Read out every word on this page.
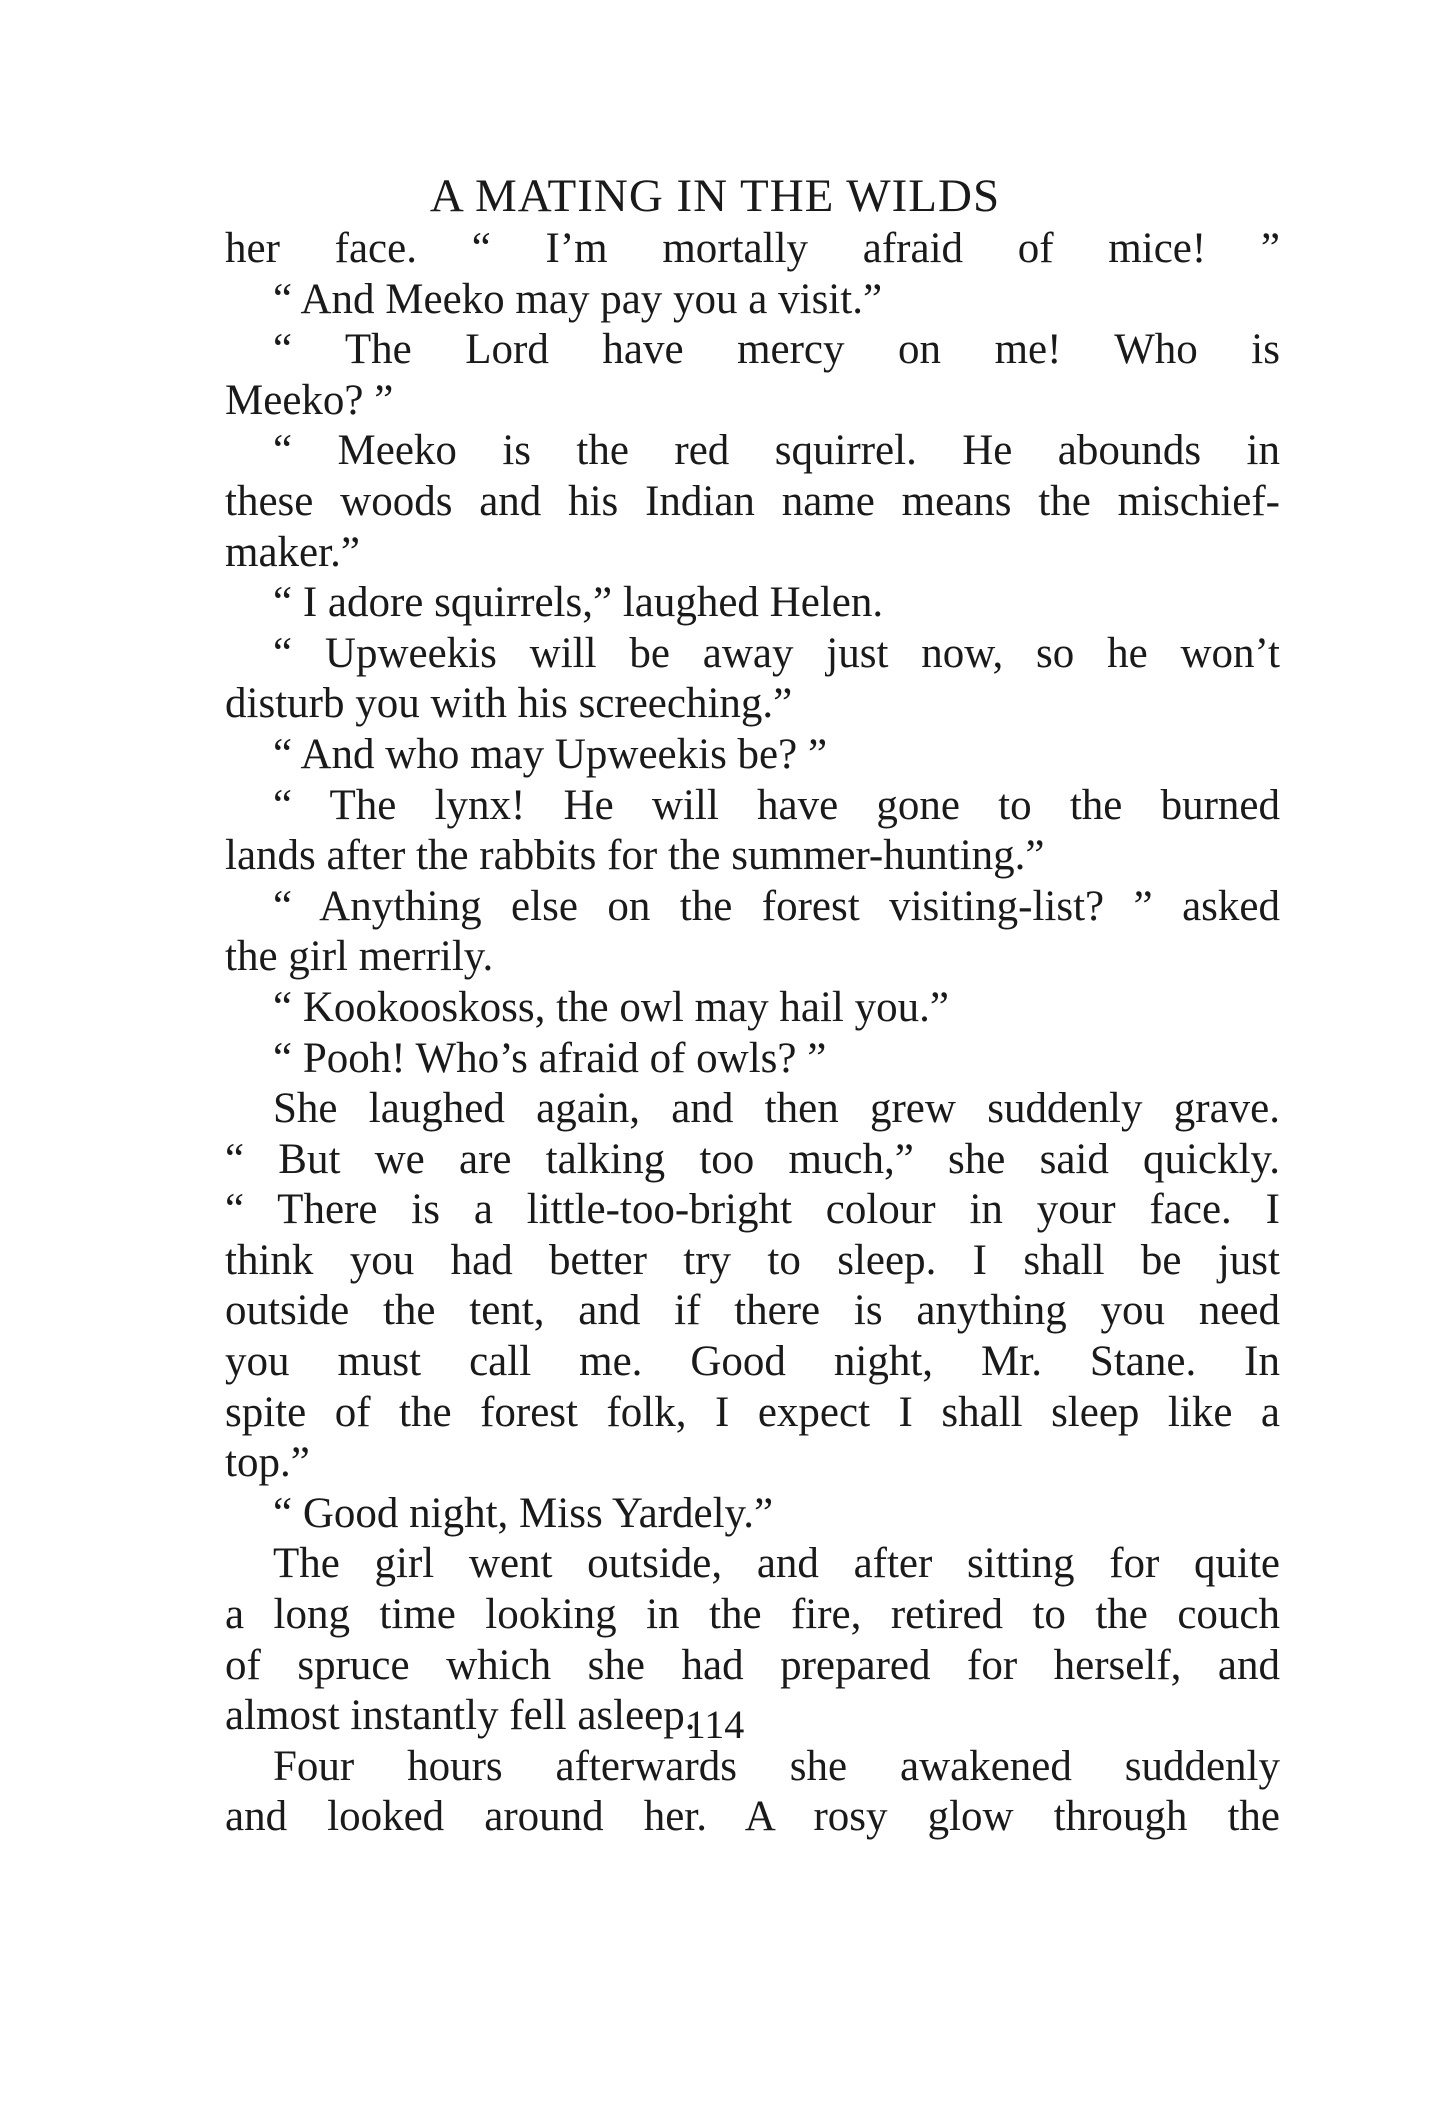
A MATING IN THE WILDS
her face. “ I’m mortally afraid of mice! ”
“ And Meeko may pay you a visit.”
“ The Lord have mercy on me! Who is
Meeko? ”
“ Meeko is the red squirrel. He abounds in
these woods and his Indian name means the mischief-
maker.”
“ I adore squirrels,” laughed Helen.
“ Upweekis will be away just now, so he won’t
disturb you with his screeching.”
“ And who may Upweekis be? ”
“ The lynx! He will have gone to the burned
lands after the rabbits for the summer-hunting.”
“ Anything else on the forest visiting-list? ” asked
the girl merrily.
“ Kookooskoss, the owl may hail you.”
“ Pooh! Who’s afraid of owls? ”
She laughed again, and then grew suddenly grave.
“ But we are talking too much,” she said quickly.
“ There is a little-too-bright colour in your face. I
think you had better try to sleep. I shall be just
outside the tent, and if there is anything you need
you must call me. Good night, Mr. Stane. In
spite of the forest folk, I expect I shall sleep like a
top.”
“ Good night, Miss Yardely.”
The girl went outside, and after sitting for quite
a long time looking in the fire, retired to the couch
of spruce which she had prepared for herself, and
almost instantly fell asleep.
Four hours afterwards she awakened suddenly
and looked around her. A rosy glow through the
114
